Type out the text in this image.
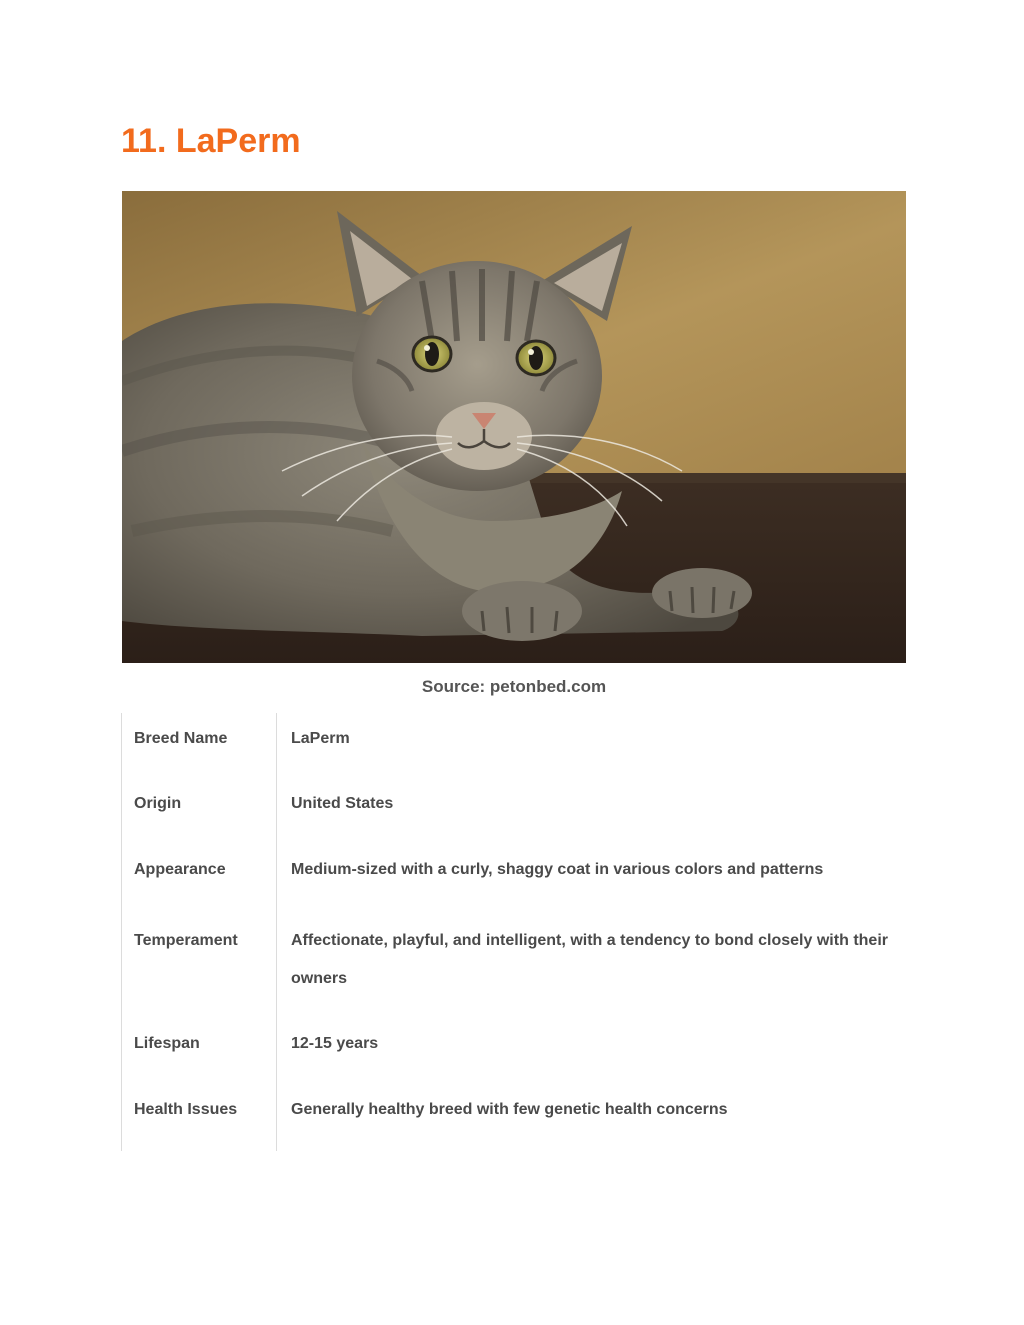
11. LaPerm
Source: petonbed.com
Breed Name	LaPerm
Origin	United States
Appearance	Medium-sized with a curly, shaggy coat in various colors and patterns
Temperament	Affectionate, playful, and intelligent, with a tendency to bond closely with their owners
Lifespan	12-15 years
Health Issues	Generally healthy breed with few genetic health concerns
